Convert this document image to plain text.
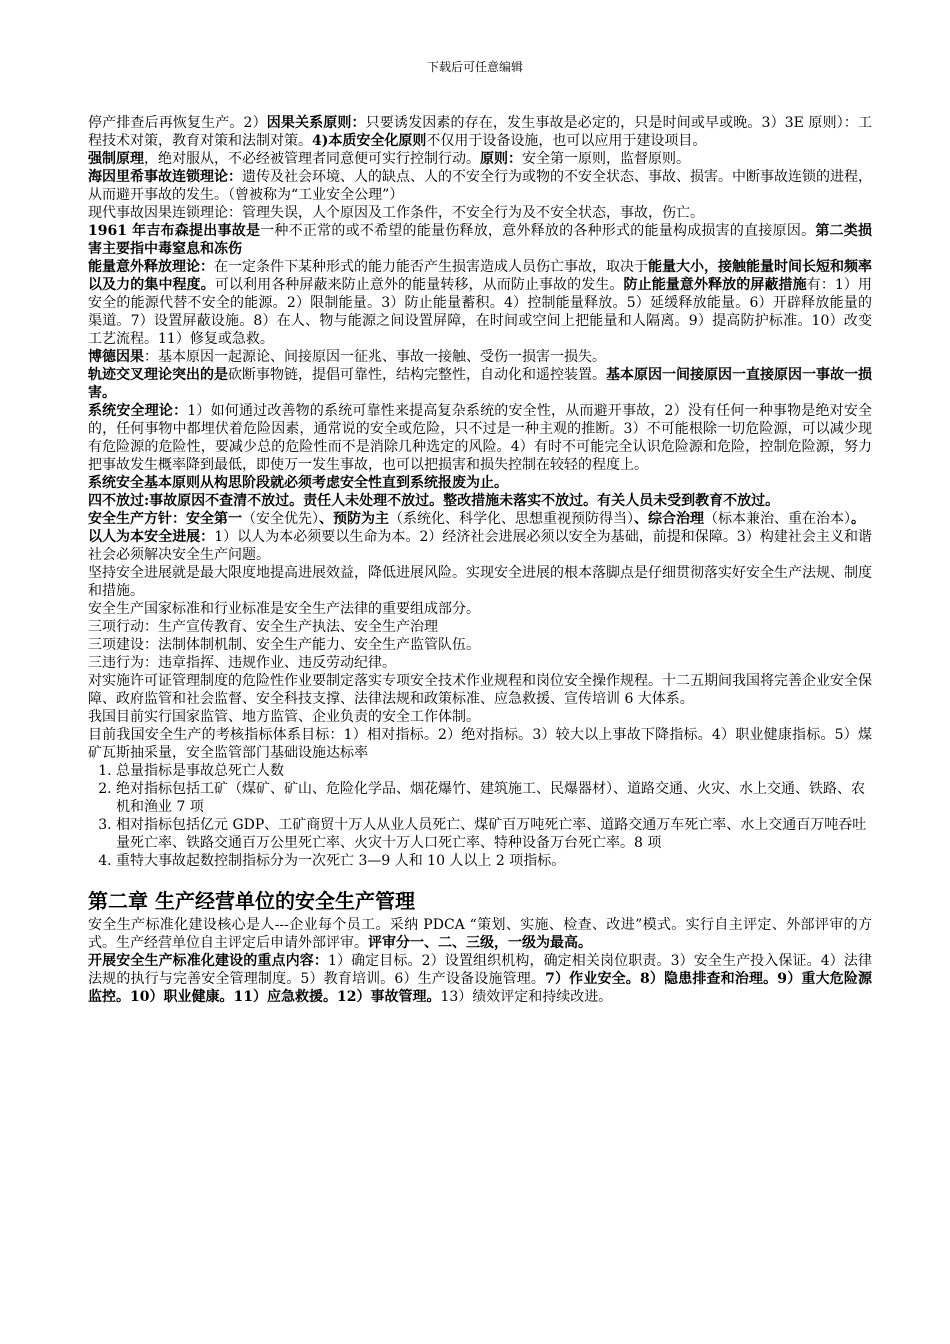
下载后可任意编辑

停产排查后再恢复生产。2）因果关系原则：只要诱发因素的存在，发生事故是必定的，只是时间或早或晚。3）3E 原则）：工程技术对策，教育对策和法制对策。4)本质安全化原则不仅用于设备设施，也可以应用于建设项目。

强制原理，绝对服从，不必经被管理者同意便可实行控制行动。原则：安全第一原则，监督原则。

海因里希事故连锁理论：遗传及社会环境、人的缺点、人的不安全行为或物的不安全状态、事故、损害。中断事故连锁的进程，从而避开事故的发生。（曾被称为“工业安全公理”）

现代事故因果连锁理论：管理失误，人个原因及工作条件，不安全行为及不安全状态，事故，伤亡。

1961 年吉布森提出事故是一种不正常的或不希望的能量伤释放，意外释放的各种形式的能量构成损害的直接原因。第二类损害主要指中毒窒息和冻伤

能量意外释放理论：在一定条件下某种形式的能力能否产生损害造成人员伤亡事故，取决于能量大小，接触能量时间长短和频率以及力的集中程度。可以利用各种屏蔽来防止意外的能量转移，从而防止事故的发生。防止能量意外释放的屏蔽措施有：1）用安全的能源代替不安全的能源。2）限制能量。3）防止能量蓄积。4）控制能量释放。5）延缓释放能量。6）开辟释放能量的渠道。7）设置屏蔽设施。8）在人、物与能源之间设置屏障，在时间或空间上把能量和人隔离。9）提高防护标准。10）改变工艺流程。11）修复或急救。

博德因果：基本原因一起源论、间接原因一征兆、事故一接触、受伤一损害一损失。

轨迹交叉理论突出的是砍断事物链，提倡可靠性，结构完整性，自动化和遥控装置。基本原因一间接原因一直接原因一事故一损害。

系统安全理论：1）如何通过改善物的系统可靠性来提高复杂系统的安全性，从而避开事故，2）没有任何一种事物是绝对安全的，任何事物中都埋伏着危险因素，通常说的安全或危险，只不过是一种主观的推断。3）不可能根除一切危险源，可以减少现有危险源的危险性，要减少总的危险性而不是消除几种选定的风险。4）有时不可能完全认识危险源和危险，控制危险源，努力把事故发生概率降到最低，即使万一发生事故，也可以把损害和损失控制在较轻的程度上。

系统安全基本原则从构思阶段就必须考虑安全性直到系统报废为止。

四不放过:事故原因不查清不放过。责任人未处理不放过。整改措施未落实不放过。有关人员未受到教育不放过。

安全生产方针：安全第一（安全优先）、预防为主（系统化、科学化、思想重视预防得当）、综合治理（标本兼治、重在治本）。

以人为本安全进展：1）以人为本必须要以生命为本。2）经济社会进展必须以安全为基础，前提和保障。3）构建社会主义和谐社会必须解决安全生产问题。

坚持安全进展就是最大限度地提高进展效益，降低进展风险。实现安全进展的根本落脚点是仔细贯彻落实好安全生产法规、制度和措施。

安全生产国家标准和行业标准是安全生产法律的重要组成部分。

三项行动：生产宣传教育、安全生产执法、安全生产治理

三项建设：法制体制机制、安全生产能力、安全生产监管队伍。

三违行为：违章指挥、违规作业、违反劳动纪律。

对实施许可证管理制度的危险性作业要制定落实专项安全技术作业规程和岗位安全操作规程。十二五期间我国将完善企业安全保障、政府监管和社会监督、安全科技支撑、法律法规和政策标准、应急救援、宣传培训 6 大体系。

我国目前实行国家监管、地方监管、企业负责的安全工作体制。

目前我国安全生产的考核指标体系目标：1）相对指标。2）绝对指标。3）较大以上事故下降指标。4）职业健康指标。5）煤矿瓦斯抽采量，安全监管部门基础设施达标率

1. 总量指标是事故总死亡人数
2. 绝对指标包括工矿（煤矿、矿山、危险化学品、烟花爆竹、建筑施工、民爆器材）、道路交通、火灾、水上交通、铁路、农机和渔业 7 项
3. 相对指标包括亿元 GDP、工矿商贸十万人从业人员死亡、煤矿百万吨死亡率、道路交通万车死亡率、水上交通百万吨吞吐量死亡率、铁路交通百万公里死亡率、火灾十万人口死亡率、特种设备万台死亡率。8 项
4. 重特大事故起数控制指标分为一次死亡 3—9 人和 10 人以上 2 项指标。
第二章 生产经营单位的安全生产管理

安全生产标准化建设核心是人---企业每个员工。采纳 PDCA “策划、实施、检查、改进”模式。实行自主评定、外部评审的方式。生产经营单位自主评定后申请外部评审。评审分一、二、三级，一级为最高。

开展安全生产标准化建设的重点内容：1）确定目标。2）设置组织机构，确定相关岗位职责。3）安全生产投入保证。4）法律法规的执行与完善安全管理制度。5）教育培训。6）生产设备设施管理。7）作业安全。8）隐患排查和治理。9）重大危险源监控。10）职业健康。11）应急救援。12）事故管理。13）绩效评定和持续改进。
